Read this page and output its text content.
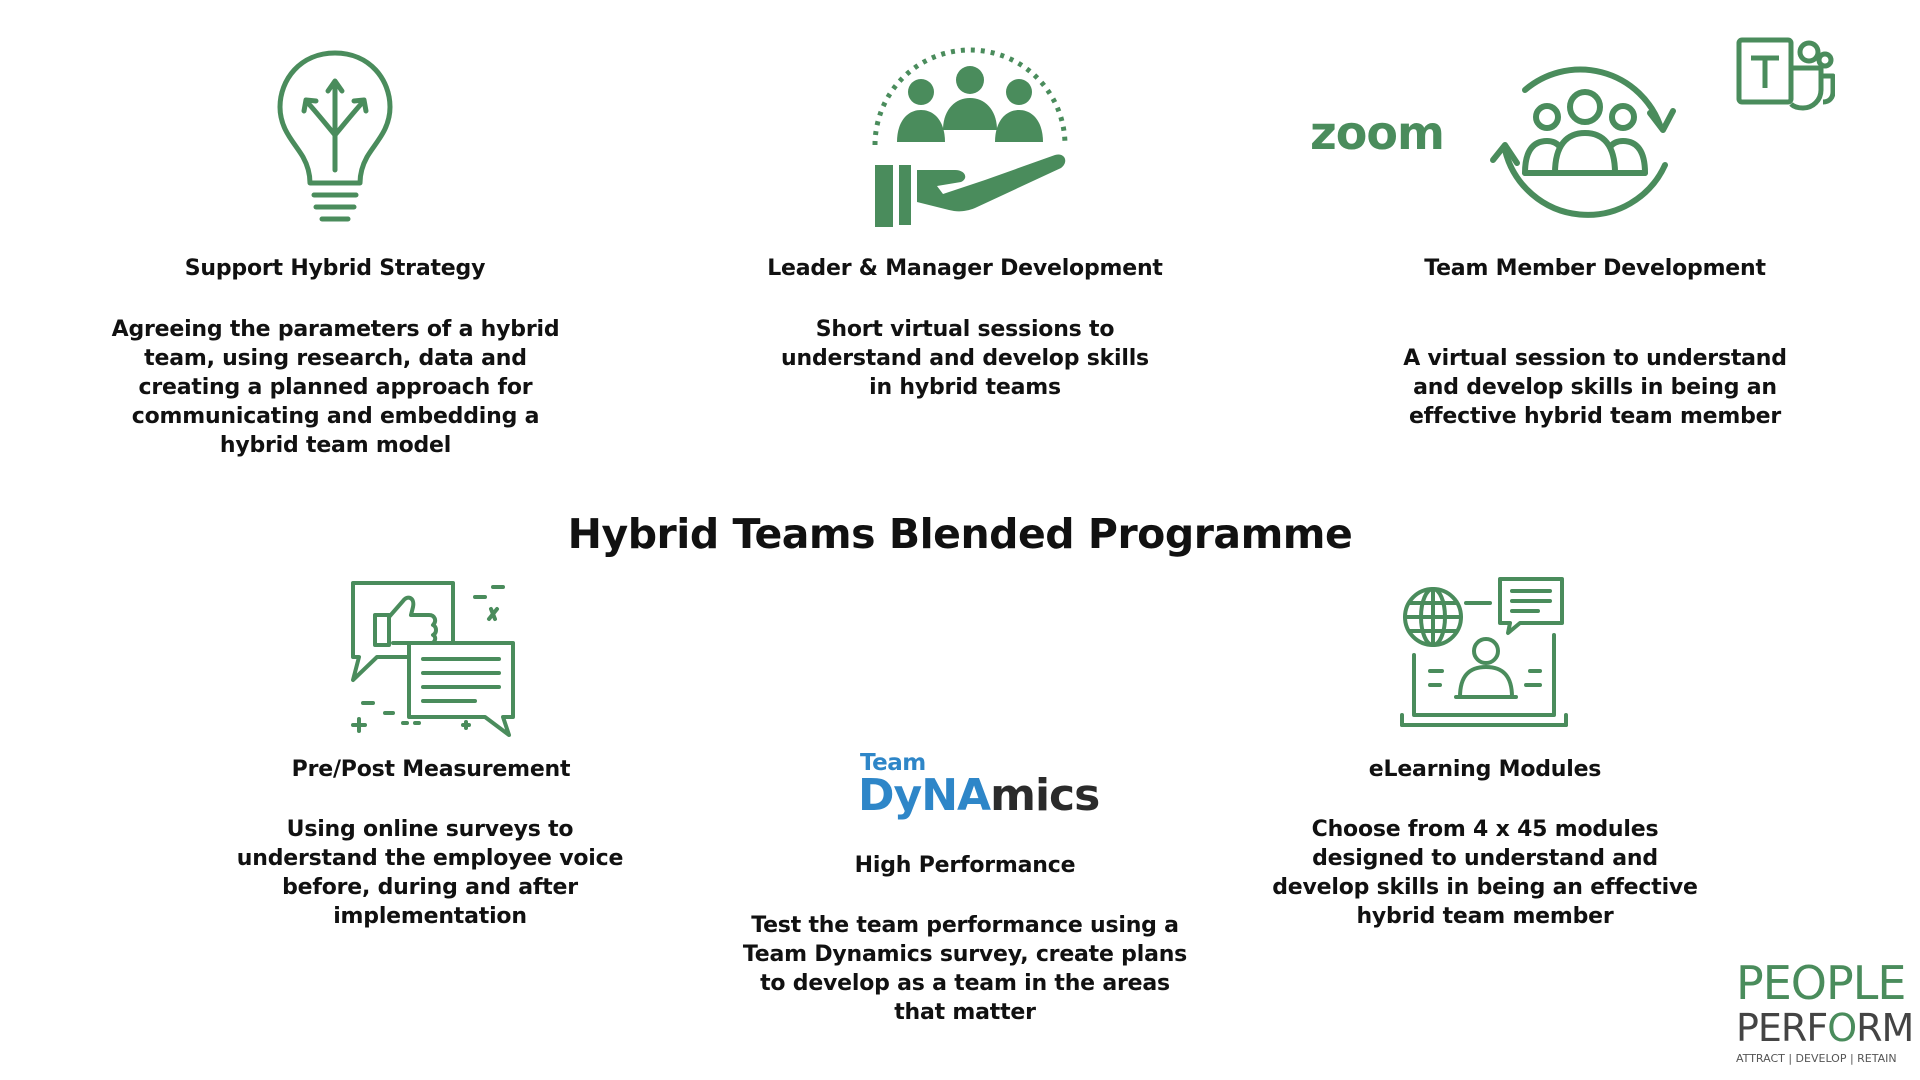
Support Hybrid Strategy
Agreeing the parameters of a hybrid team, using research, data and creating a planned approach for communicating and embedding a hybrid team model
Leader & Manager Development
Short virtual sessions to understand and develop skills in hybrid teams
zoom
Team Member Development
A virtual session to understand and develop skills in being an effective hybrid team member
Hybrid Teams Blended Programme
Pre/Post Measurement
Using online surveys to understand the employee voice before, during and after implementation
Team
DyNAmics
High Performance
Test the team performance using a Team Dynamics survey, create plans to develop as a team in the areas that matter
eLearning Modules
Choose from 4 x 45 modules designed to understand and develop skills in being an effective hybrid team member
PEOPLE
PERFORM
ATTRACT | DEVELOP | RETAIN
